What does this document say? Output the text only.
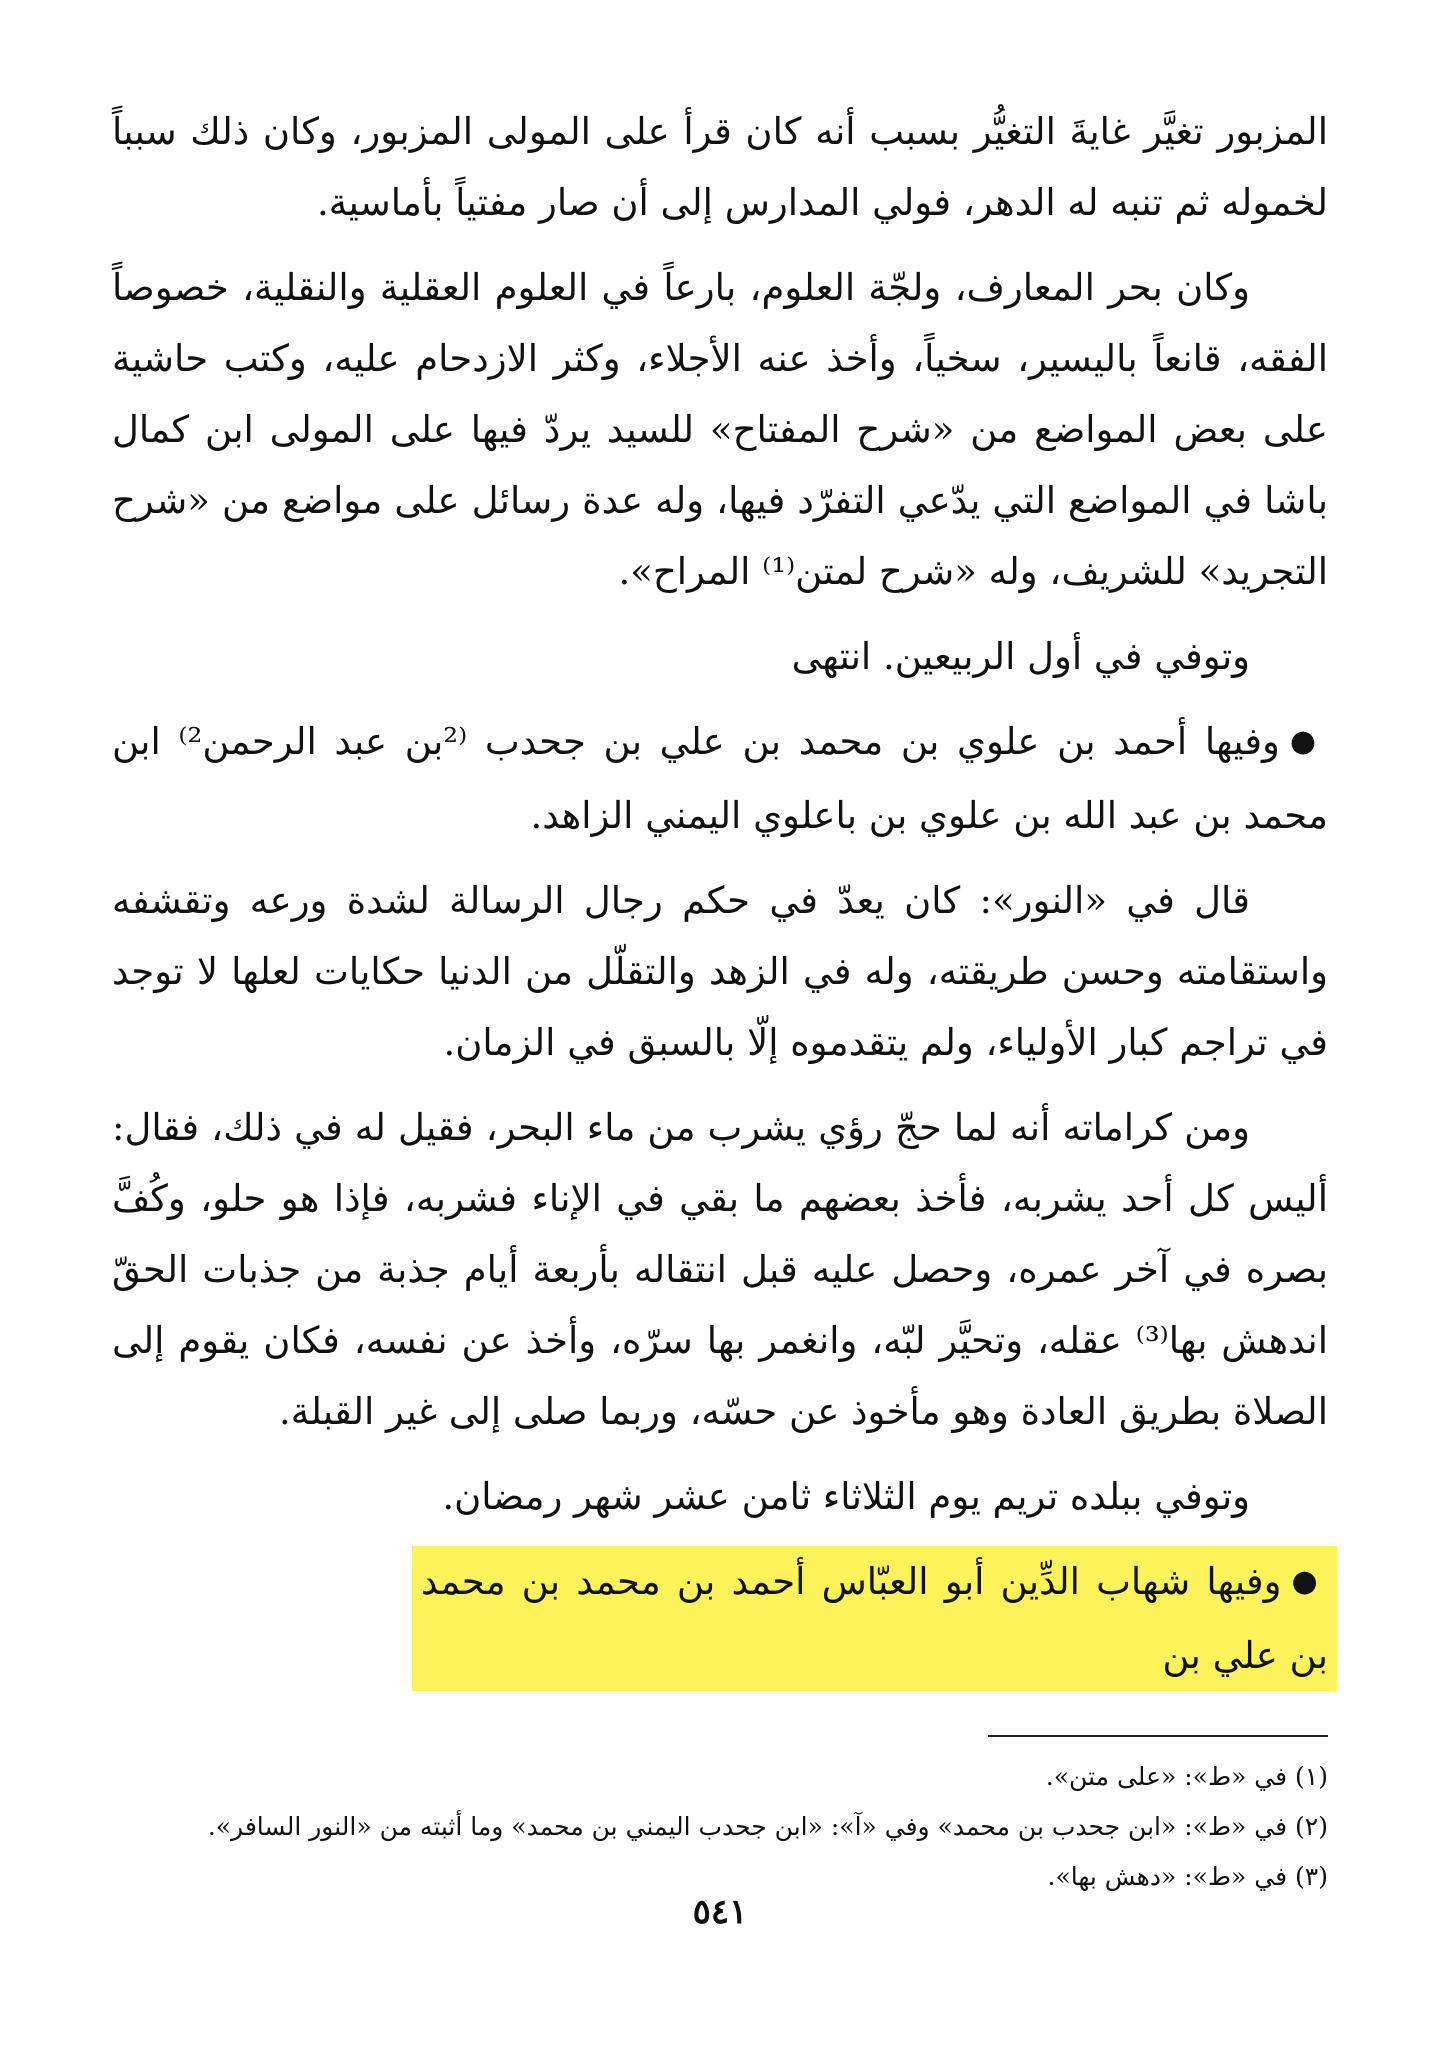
المزبور تغيَّر غايةَ التغيُّر بسبب أنه كان قرأ على المولى المزبور، وكان ذلك سبباً لخموله ثم تنبه له الدهر، فولي المدارس إلى أن صار مفتياً بأماسية.

وكان بحر المعارف، ولجّة العلوم، بارعاً في العلوم العقلية والنقلية، خصوصاً الفقه، قانعاً باليسير، سخياً، وأخذ عنه الأجلاء، وكثر الازدحام عليه، وكتب حاشية على بعض المواضع من «شرح المفتاح» للسيد يردّ فيها على المولى ابن كمال باشا في المواضع التي يدّعي التفرّد فيها، وله عدة رسائل على مواضع من «شرح التجريد» للشريف، وله «شرح لمتن⁽¹⁾ المراح».

وتوفي في أول الربيعين. انتهى

●وفيها أحمد بن علوي بن محمد بن علي بن جحدب ⁽²بن عبد الرحمن²⁾ ابن محمد بن عبد الله بن علوي بن باعلوي اليمني الزاهد.

قال في «النور»: كان يعدّ في حكم رجال الرسالة لشدة ورعه وتقشفه واستقامته وحسن طريقته، وله في الزهد والتقلّل من الدنيا حكايات لعلها لا توجد في تراجم كبار الأولياء، ولم يتقدموه إلّا بالسبق في الزمان.

ومن كراماته أنه لما حجّ رؤي يشرب من ماء البحر، فقيل له في ذلك، فقال: أليس كل أحد يشربه، فأخذ بعضهم ما بقي في الإناء فشربه، فإذا هو حلو، وكُفَّ بصره في آخر عمره، وحصل عليه قبل انتقاله بأربعة أيام جذبة من جذبات الحقّ اندهش بها⁽³⁾ عقله، وتحيَّر لبّه، وانغمر بها سرّه، وأخذ عن نفسه، فكان يقوم إلى الصلاة بطريق العادة وهو مأخوذ عن حسّه، وربما صلى إلى غير القبلة.

وتوفي ببلده تريم يوم الثلاثاء ثامن عشر شهر رمضان.

●وفيها شهاب الدِّين أبو العبّاس أحمد بن محمد بن محمد بن علي بن

(١) في «ط»: «على متن».

(٢) في «ط»: «ابن جحدب بن محمد» وفي «آ»: «ابن جحدب اليمني بن محمد» وما أثبته من «النور السافر».

(٣) في «ط»: «دهش بها».

٥٤١
